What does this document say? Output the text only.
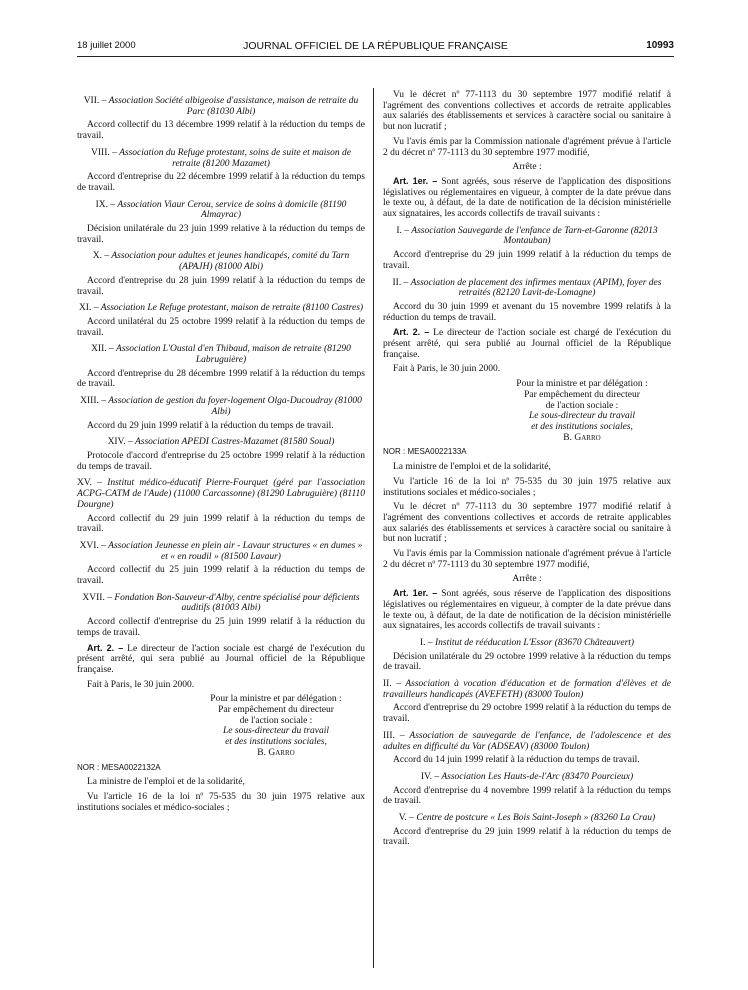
18 juillet 2000	JOURNAL OFFICIEL DE LA RÉPUBLIQUE FRANÇAISE	10993

VII. – Association Société albigeoise d'assistance, maison de retraite du Parc (81030 Albi)

Accord collectif du 13 décembre 1999 relatif à la réduction du temps de travail.

VIII. – Association du Refuge protestant, soins de suite et maison de retraite (81200 Mazamet)

Accord d'entreprise du 22 décembre 1999 relatif à la réduction du temps de travail.

IX. – Association Viaur Cerou, service de soins à domicile (81190 Almayrac)

Décision unilatérale du 23 juin 1999 relative à la réduction du temps de travail.

X. – Association pour adultes et jeunes handicapés, comité du Tarn (APAJH) (81000 Albi)

Accord d'entreprise du 28 juin 1999 relatif à la réduction du temps de travail.

XI. – Association Le Refuge protestant, maison de retraite (81100 Castres)

Accord unilatéral du 25 octobre 1999 relatif à la réduction du temps de travail.

XII. – Association L'Oustal d'en Thibaud, maison de retraite (81290 Labruguière)

Accord d'entreprise du 28 décembre 1999 relatif à la réduction du temps de travail.

XIII. – Association de gestion du foyer-logement Olga-Ducoudray (81000 Albi)

Accord du 29 juin 1999 relatif à la réduction du temps de travail.

XIV. – Association APEDI Castres-Mazamet (81580 Soual)

Protocole d'accord d'entreprise du 25 octobre 1999 relatif à la réduction du temps de travail.

XV. – Institut médico-éducatif Pierre-Fourquet (géré par l'association ACPG-CATM de l'Aude) (11000 Carcassonne) (81290 Labruguière) (81110 Dourgne)

Accord collectif du 29 juin 1999 relatif à la réduction du temps de travail.

XVI. – Association Jeunesse en plein air - Lavaur structures « en dumes » et « en roudil » (81500 Lavaur)

Accord collectif du 25 juin 1999 relatif à la réduction du temps de travail.

XVII. – Fondation Bon-Sauveur-d'Alby, centre spécialisé pour déficients auditifs (81003 Albi)

Accord collectif d'entreprise du 25 juin 1999 relatif à la réduction du temps de travail.

Art. 2. – Le directeur de l'action sociale est chargé de l'exécution du présent arrêté, qui sera publié au Journal officiel de la République française.

Fait à Paris, le 30 juin 2000.

Pour la ministre et par délégation :
Par empêchement du directeur
de l'action sociale :
Le sous-directeur du travail
et des institutions sociales,
B. Garro

NOR : MESA0022132A

La ministre de l'emploi et de la solidarité,

Vu l'article 16 de la loi nº 75-535 du 30 juin 1975 relative aux institutions sociales et médico-sociales ;

Vu le décret nº 77-1113 du 30 septembre 1977 modifié relatif à l'agrément des conventions collectives et accords de retraite applicables aux salariés des établissements et services à caractère social ou sanitaire à but non lucratif ;

Vu l'avis émis par la Commission nationale d'agrément prévue à l'article 2 du décret nº 77-1113 du 30 septembre 1977 modifié,

Arrête :

Art. 1er. – Sont agréés, sous réserve de l'application des dispositions législatives ou réglementaires en vigueur, à compter de la date prévue dans le texte ou, à défaut, de la date de notification de la décision ministérielle aux signataires, les accords collectifs de travail suivants :

I. – Association Sauvegarde de l'enfance de Tarn-et-Garonne (82013 Montauban)

Accord d'entreprise du 29 juin 1999 relatif à la réduction du temps de travail.

II. – Association de placement des infirmes mentaux (APIM), foyer des retraités (82120 Lavit-de-Lomagne)

Accord du 30 juin 1999 et avenant du 15 novembre 1999 relatifs à la réduction du temps de travail.

Art. 2. – Le directeur de l'action sociale est chargé de l'exécution du présent arrêté, qui sera publié au Journal officiel de la République française.

Fait à Paris, le 30 juin 2000.

Pour la ministre et par délégation :
Par empêchement du directeur
de l'action sociale :
Le sous-directeur du travail
et des institutions sociales,
B. Garro

NOR : MESA0022133A

La ministre de l'emploi et de la solidarité,

Vu l'article 16 de la loi nº 75-535 du 30 juin 1975 relative aux institutions sociales et médico-sociales ;

Vu le décret nº 77-1113 du 30 septembre 1977 modifié relatif à l'agrément des conventions collectives et accords de retraite applicables aux salariés des établissements et services à caractère social ou sanitaire à but non lucratif ;

Vu l'avis émis par la Commission nationale d'agrément prévue à l'article 2 du décret nº 77-1113 du 30 septembre 1977 modifié,

Arrête :

Art. 1er. – Sont agréés, sous réserve de l'application des dispositions législatives ou réglementaires en vigueur, à compter de la date prévue dans le texte ou, à défaut, de la date de notification de la décision ministérielle aux signataires, les accords collectifs de travail suivants :

I. – Institut de rééducation L'Essor (83670 Châteauvert)

Décision unilatérale du 29 octobre 1999 relative à la réduction du temps de travail.

II. – Association à vocation d'éducation et de formation d'élèves et de travailleurs handicapés (AVEFETH) (83000 Toulon)

Accord d'entreprise du 29 octobre 1999 relatif à la réduction du temps de travail.

III. – Association de sauvegarde de l'enfance, de l'adolescence et des adultes en difficulté du Var (ADSEAV) (83000 Toulon)

Accord du 14 juin 1999 relatif à la réduction du temps de travail.

IV. – Association Les Hauts-de-l'Arc (83470 Pourcieux)

Accord d'entreprise du 4 novembre 1999 relatif à la réduction du temps de travail.

V. – Centre de postcure « Les Bois Saint-Joseph » (83260 La Crau)

Accord d'entreprise du 29 juin 1999 relatif à la réduction du temps de travail.
